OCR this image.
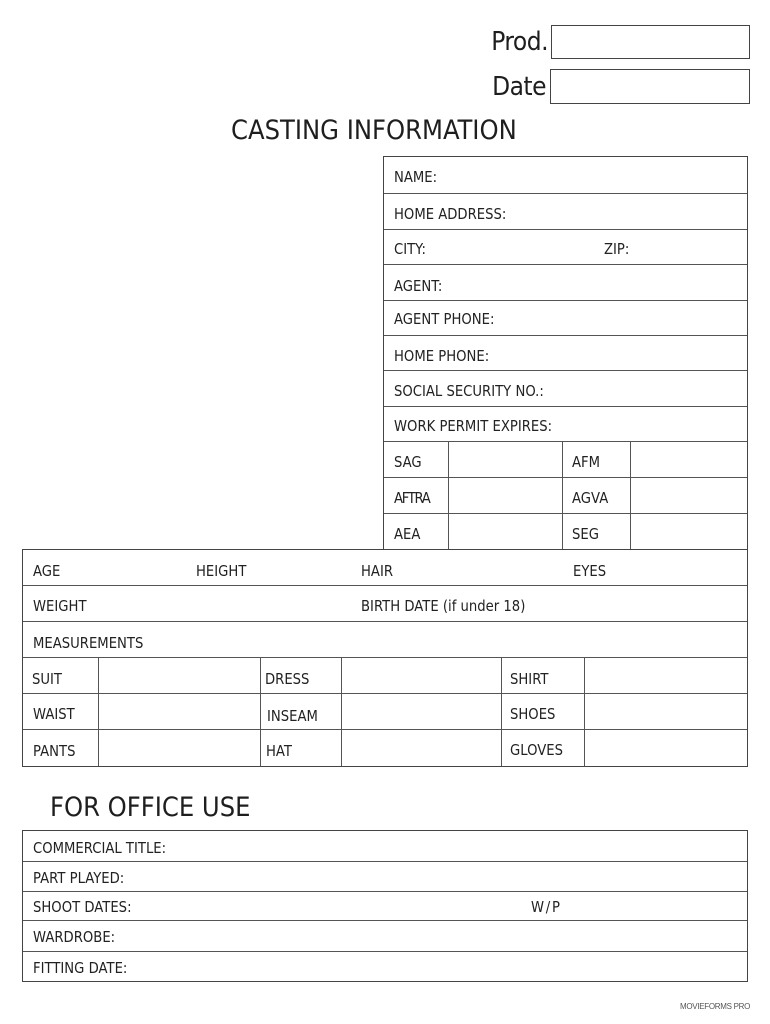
Prod.
Date
CASTING INFORMATION
NAME:
HOME ADDRESS:
CITY:	ZIP:
AGENT:
AGENT PHONE:
HOME PHONE:
SOCIAL SECURITY NO.:
WORK PERMIT EXPIRES:
SAG	AFM
AFTRA	AGVA
AEA	SEG
AGE	HEIGHT	HAIR	EYES
WEIGHT	BIRTH DATE (if under 18)
MEASUREMENTS
SUIT	DRESS	SHIRT
WAIST	INSEAM	SHOES
PANTS	HAT	GLOVES
FOR OFFICE USE
COMMERCIAL TITLE:
PART PLAYED:
SHOOT DATES:	W/P
WARDROBE:
FITTING DATE:
MOVIEFORMS PRO
